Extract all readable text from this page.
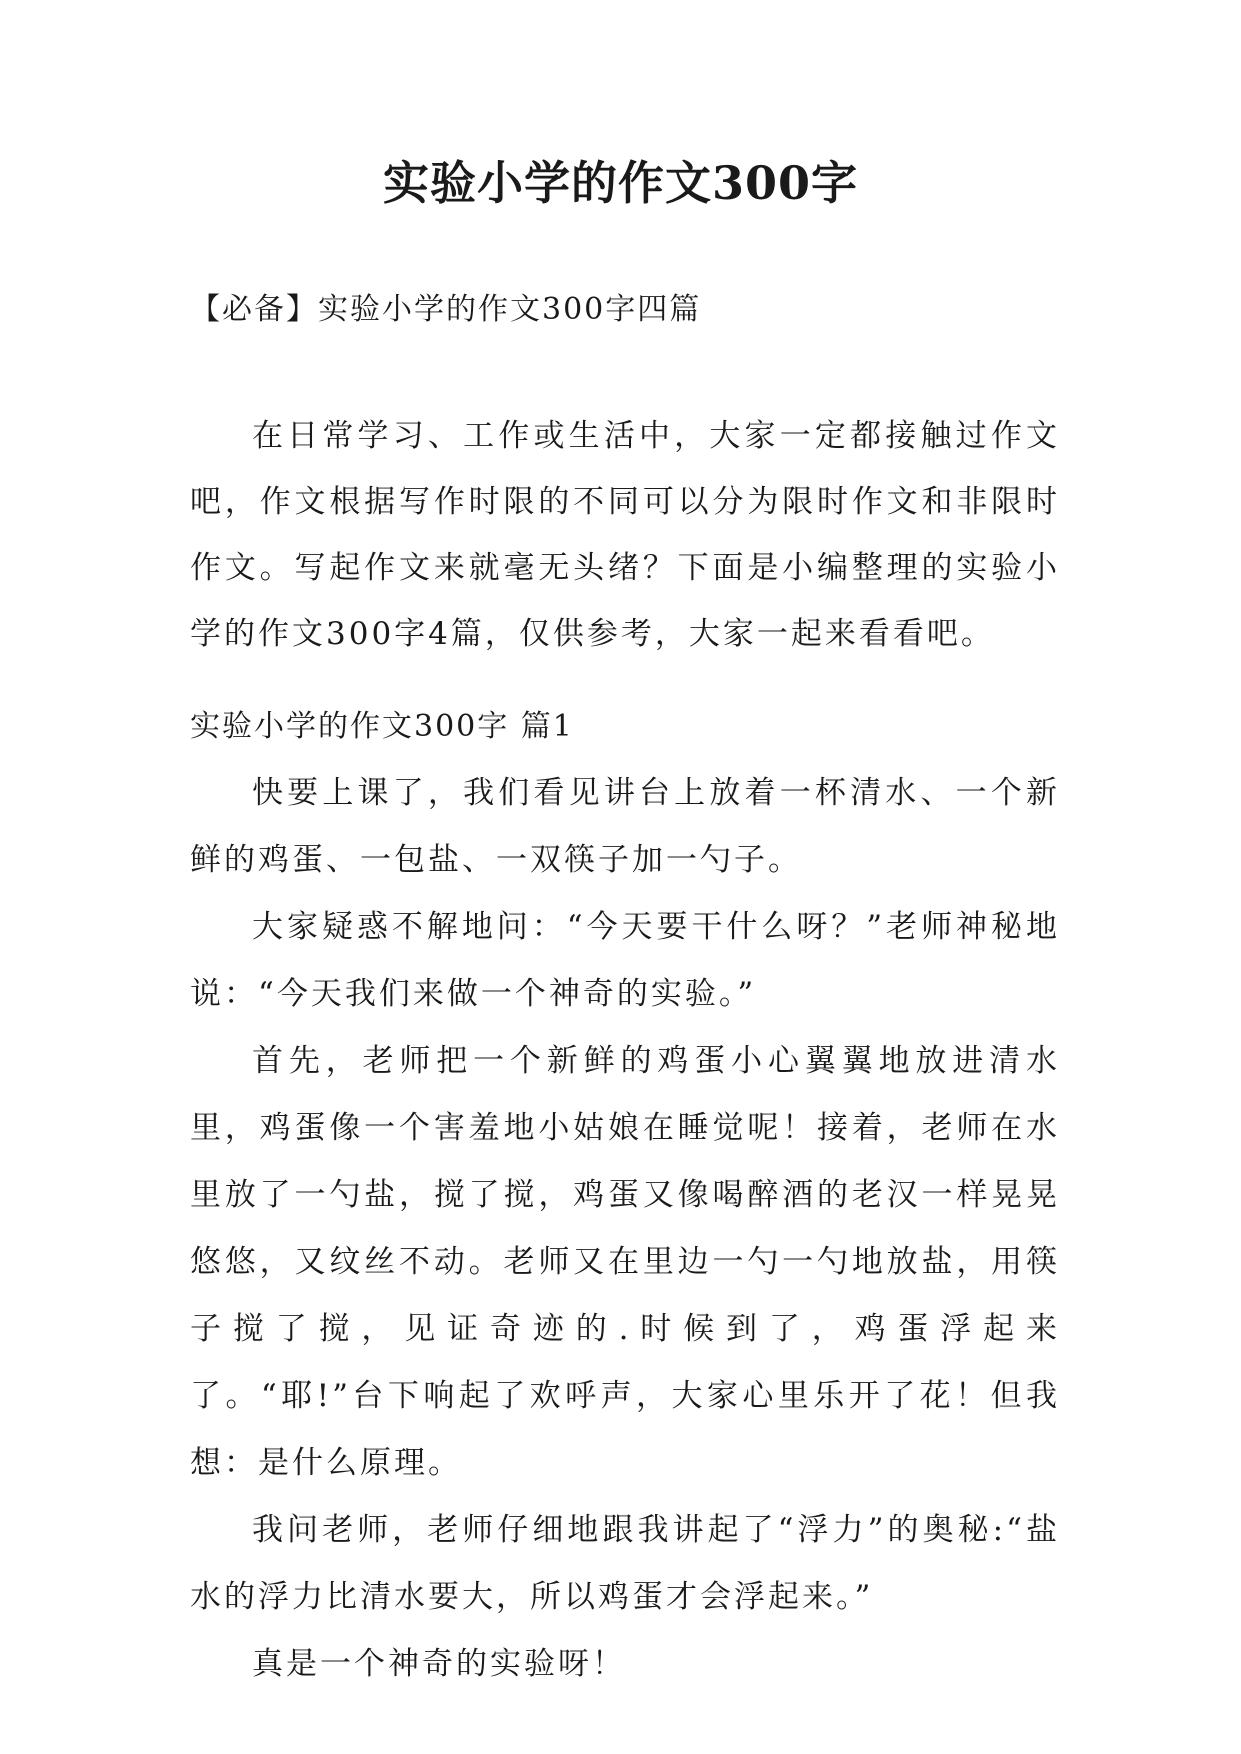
实验小学的作文300字
【必备】实验小学的作文300字四篇

在日常学习、工作或生活中，大家一定都接触过作文吧，作文根据写作时限的不同可以分为限时作文和非限时作文。写起作文来就毫无头绪？下面是小编整理的实验小学的作文300字4篇，仅供参考，大家一起来看看吧。

实验小学的作文300字 篇1

快要上课了，我们看见讲台上放着一杯清水、一个新鲜的鸡蛋、一包盐、一双筷子加一勺子。

大家疑惑不解地问：“今天要干什么呀？”老师神秘地说：“今天我们来做一个神奇的实验。”

首先，老师把一个新鲜的鸡蛋小心翼翼地放进清水里，鸡蛋像一个害羞地小姑娘在睡觉呢！接着，老师在水里放了一勺盐，搅了搅，鸡蛋又像喝醉酒的老汉一样晃晃悠悠，又纹丝不动。老师又在里边一勺一勺地放盐，用筷子搅了搅，见证奇迹的.时候到了，鸡蛋浮起来了。“耶!”台下响起了欢呼声，大家心里乐开了花！但我想：是什么原理。

我问老师，老师仔细地跟我讲起了“浮力”的奥秘:“盐水的浮力比清水要大，所以鸡蛋才会浮起来。”

真是一个神奇的实验呀！
